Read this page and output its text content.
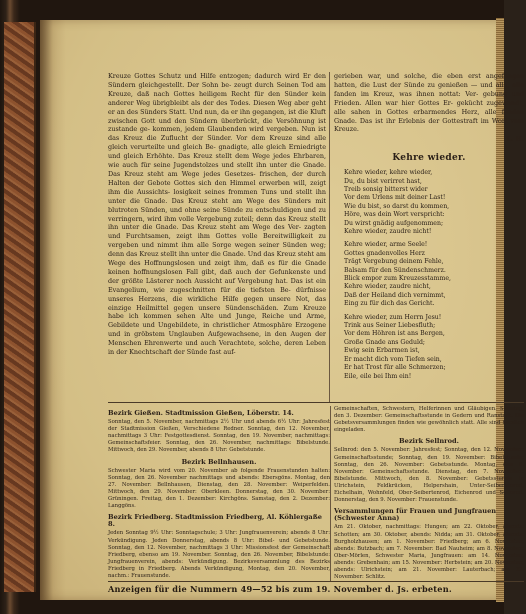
Kreuze Gottes Schutz und Hilfe entzogen; dadurch wird Er den Sündern gleichgestellt. Der Sohn be- zeugt durch Seinen Tod am Kreuze, daß nach Gottes heiligem Recht für den Sünder kein anderer Weg übrigbleibt als der des Todes. Diesen Weg aber geht er an des Sünders Statt. Und nun, da er ihn gegangen, ist die Kluft zwischen Gott und den Sündern überbrückt, die Versöhnung ist zustande ge- kommen, jedem Glaubenden wird vergeben. Nun ist das Kreuz die Zuflucht der Sünder. Vor dem Kreuze sind alle gleich verurteilte und gleich Be- gnadigte, alle gleich Erniedrigte und gleich Erhöhte. Das Kreuz stellt dem Wege jedes Ehrbaren, wie auch für seine Jugendstolzes und stellt ihn unter die Gnade. Das Kreuz steht am Wege jedes Gesetzes- frischen, der durch Halten der Gebote Gottes sich den Himmel erwerben will, zeigt ihm die Aussichts- losigkeit seines frommen Tuns und stellt ihn unter die Gnade. Das Kreuz steht am Wege des Sünders mit blutroten Sünden, und ohne seine Sünde zu entschuldigen und zu verringern, wird ihm volle Vergebung zuteil; denn das Kreuz stellt ihn unter die Gnade. Das Kreuz steht am Wege des Ver- zagten und Furchtsamen, zeigt ihm Gottes volle Bereitwilligkeit zu vergeben und nimmt ihm alle Sorge wegen seiner Sünden weg; denn das Kreuz stellt ihn unter die Gnade. Und das Kreuz steht am Wege des Hoffnungslosen und zeigt ihm, daß es für die Gnade keinen hoffnungslosen Fall gibt, daß auch der Gefunkenste und der größte Lästerer noch Aussicht auf Vergebung hat. Das ist ein Evangelium, wie zugeschnitten für die tiefsten Be- dürfnisse unseres Herzens, die wirkliche Hilfe gegen unsere Not, das einzige Heilmittel gegen unsere Sündenschäden. Zum Kreuze habe ich kommen sehen Alte und Junge, Reiche und Arme, Gebildete und Ungebildete, in christlicher Atmosphäre Erzogene und in gröbstem Unglauben Aufgewachsene, in den Augen der Menschen Ehrenwerte und auch Verachtete, solche, deren Leben in der Knechtschaft der Sünde fast auf-

gerieben war, und solche, die eben erst angefangen hatten, die Lust der Sünde zu genießen — und alle, alle fanden im Kreuz, was ihnen nottat: Ver- gebung und Frieden. Allen war hier Gottes Er- gekücht zugewandt, alle sahen in Gottes erbarmendes Herz, alle fanden Gnade. Das ist ihr Erlebnis der Gottestraft im Wort vom Kreuze.

L. H.
Kehre wieder.
Kehre wieder, kehre wieder,
Du, du bist verirret hast,
Treib sonsig bitterst wider
Vor dem Urlens mit deiner Last!
Wie du bist, so darst du kommen,
Höre, was dein Wort verspricht:
Du wirst gnädig aufgenommen;
Kehre wieder, zaudre nicht!
Kehre wieder, arme Seele!
Gottes gnadenvolles Herz
Trägt Vergebung deinem Fehle,
Balsam für den Sündenschmerz.
Blick empor zum Kreuzesstamme,
Kehre wieder, zaudre nicht,
Daß der Heiland dich vernimmt,
Eing zu für dich das Gericht.
Kehre wieder, zum Herrn Jesu!
Trink aus Seiner Liebesfluth;
Vor dem Höhren ist ans Bergen,
Große Gnade ans Geduld;
Ewig sein Erbarmen ist,
Er macht dich vom Tiefen sein,
Er hat Trost für alle Schmerzen;
Eile, eile bei Ihm ein!
Bezirk Gießen. Stadtmission Gießen, Löberstr. 14.

Sonntag, den 5. November, nachmittags 2½ Uhr und abends 6½ Uhr: Jahresfest der Stadtmission Gießen, Verschiedene Redner. Sonntag, den 12. November, nachmittags 3 Uhr: Festgottesdienst. Sonntag, den 19. November, nachmittags: Gemeinschaftsfeier. Sonntag, den 26. November, nachmittags: Bibelstunde. Mittwoch, den 29. November, abends 8 Uhr: Gebetstunde.

Bezirk Bellnhausen.

Schwester Maria wird vom 20. November ab folgende Frauenstunden halten: Sonntag, den 26. November nachmittags und abends: Ebersgöns. Montag, den 27. November: Bellnhausen, Dienstag, den 28. November: Weiperfelden. Mittwoch, den 29. November: Oberkleen. Donnerstag, den 30. November: Grüningen. Freitag, den 1. Dezember: Kirchgöns. Samstag, den 2. Dezember: Langgöns.

Bezirk Friedberg. Stadtmission Friedberg, Al. Köhlergaße 8.

Jeden Sonntag 9½ Uhr: Sonntagschule; 3 Uhr: Jungfrauenverein; abends 8 Uhr: Verkündigung. Jeden Donnerstag, abends 8 Uhr: Bibel- und Gebetstunde. Sonntag, den 12. November, nachmittags 3 Uhr: Missionsfest der Gemeinschaft Friedberg, ebenso am 19. November. Sonntag, den 26. November, Bibelstunde: Jungfrauenverein, abends: Verkündigung. Bezirksversammlung des Bezirks Friedberg in Friedberg. Abends Verkündigung, Montag, den 20. November, nachm.: Frauenstunde.

Gemeinschaften, Schwestern, Helferinnen und Gläubigen. Sonntag, den 3. Dezember: Gemeinschaftsstunde in Gedern und Ranstadt. Die Gebetsversammlungen finden wie gewöhnlich statt. Alle sind herzlich eingeladen.

Bezirk Sellnrod.

Sellnrod: den 5. November: Jahresfest; Sonntag, den 12. November: Gemeinschaftsstunde; Sonntag, den 19. November: Bibelstunde; Sonntag, den 26. November: Gebetsstunde. Montag, den 6. November: Gemeinschaftsstunde. Dienstag, den 7. November: Bibelstunde. Mittwoch, den 8. November: Gebetsstunde in Ulrichstein, Feldkrücken, Helpershain, Unter-Seibertenrod, Eichelhain, Wohnfeld, Ober-Seibertenrod, Eichenrod und Sellnrod. Donnerstag, den 9. November: Frauenstunde.

Versammlungen für Frauen und Jungfrauen (Schwester Anna)

Am 21. Oktober, nachmittags: Hungen; am 22. Oktober, abends: Schotten; am 30. Oktober, abends: Nidda; am 31. Oktober, abends: Burgholzhausen; am 1. November: Friedberg; am 6. November, abends: Butzbach; am 7. November: Bad Nauheim; am 8. November: Ober-Mörlen, Schwester Maria, Jungfrauen: am 14. November, abends: Grebenhain; am 15. November: Herbstein; am 20. November, abends: Ulrichstein; am 21. November: Lauterbach; am 22. November: Schlitz.

Anzeigen für die Nummern 49—52 bis zum 19. November d. Js. erbeten.
